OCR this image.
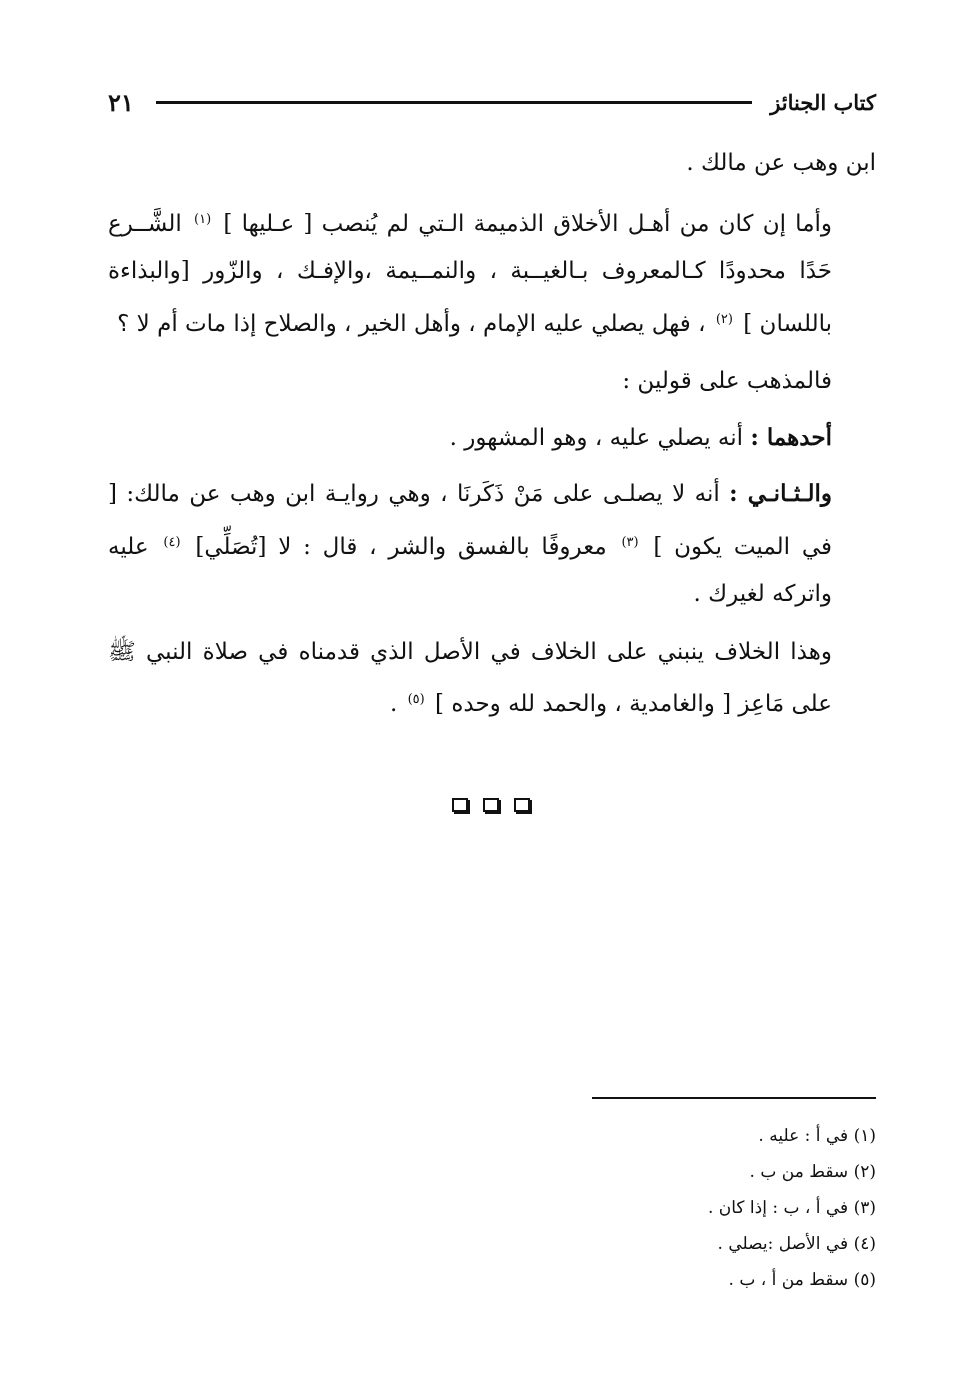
كتاب الجنائز
٢١

ابن وهب عن مالك .

وأما إن كان من أهـل الأخلاق الذميمة الـتي لم يُنصب [ عـليها ] $^{(١)}$ الشَّــرع حَدًا محدودًا كـالمعروف بـالغيــبة ، والنمــيمة ،والإفـك ، والزّور [والبذاءة باللسان ] $^{(٢)}$ ، فهل يصلي عليه الإمام ، وأهل الخير ، والصلاح إذا مات أم لا ؟

فالمذهب على قولين :

أحدهما : أنه يصلي عليه ، وهو المشهور .

والـثـانـي : أنه لا يصلـى على مَنْ ذَكَرنَا ، وهي روايـة ابن وهب عن مالك: [ في الميت يكون ] $^{(٣)}$ معروفًا بالفسق والشر ، قال : لا [تُصَلِّي] $^{(٤)}$ عليه واتركه لغيرك .

وهذا الخلاف ينبني على الخلاف في الأصل الذي قدمناه في صلاة النبي ﷺ على مَاعِز [ والغامدية ، والحمد لله وحده ] $^{(٥)}$ .

(١) في أ : عليه .
(٢) سقط من ب .
(٣) في أ ، ب : إذا كان .
(٤) في الأصل :يصلي .
(٥) سقط من أ ، ب .
